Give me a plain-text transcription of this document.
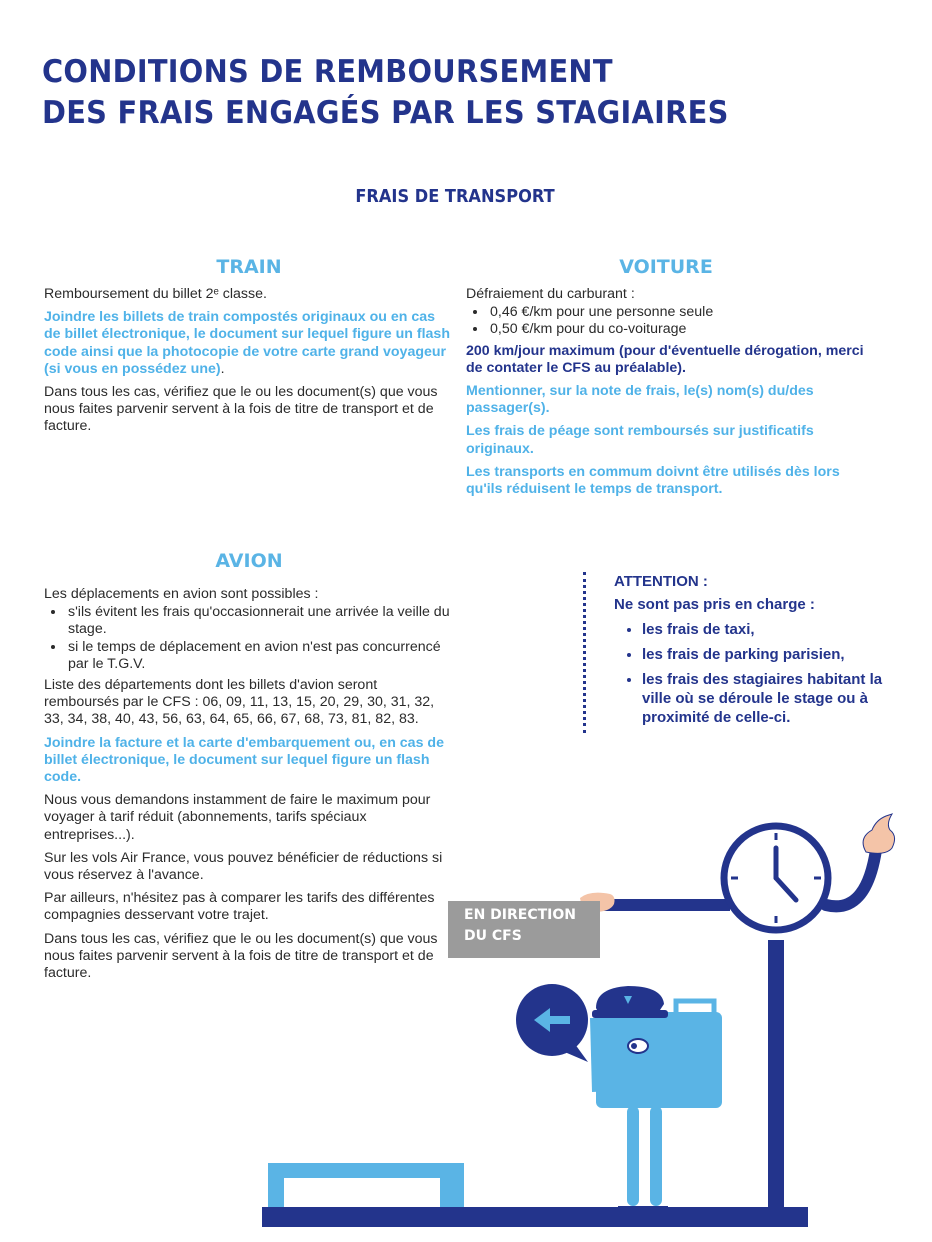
CONDITIONS DE REMBOURSEMENT
DES FRAIS ENGAGÉS PAR LES STAGIAIRES
FRAIS DE TRANSPORT
TRAIN

Remboursement du billet 2ᵉ classe.

Joindre les billets de train compostés originaux ou en cas de billet électronique, le document sur lequel figure un flash code ainsi que la photocopie de votre carte grand voyageur (si vous en possédez une).

Dans tous les cas, vérifiez que le ou les document(s) que vous nous faites parvenir servent à la fois de titre de transport et de facture.

VOITURE

Défraiement du carburant :

• 0,46 €/km pour une personne seule
• 0,50 €/km pour du co-voiturage

200 km/jour maximum (pour d'éventuelle dérogation, merci de contater le CFS au préalable).

Mentionner, sur la note de frais, le(s) nom(s) du/des passager(s).

Les frais de péage sont remboursés sur justificatifs originaux.

Les transports en commum doivnt être utilisés dès lors qu'ils réduisent le temps de transport.

AVION

Les déplacements en avion sont possibles :

• s'ils évitent les frais qu'occasionnerait une arrivée la veille du stage.
• si le temps de déplacement en avion n'est pas concurrencé par le T.G.V.

Liste des départements dont les billets d'avion seront remboursés par le CFS : 06, 09, 11, 13, 15, 20, 29, 30, 31, 32, 33, 34, 38, 40, 43, 56, 63, 64, 65, 66, 67, 68, 73, 81, 82, 83.

Joindre la facture et la carte d'embarquement ou, en cas de billet électronique, le document sur lequel figure un flash code.

Nous vous demandons instamment de faire le maximum pour voyager à tarif réduit (abonnements, tarifs spéciaux entreprises...).

Sur les vols Air France, vous pouvez bénéficier de réductions si vous réservez à l'avance.

Par ailleurs, n'hésitez pas à comparer les tarifs des différentes compagnies desservant votre trajet.

Dans tous les cas, vérifiez que le ou les document(s) que vous nous faites parvenir servent à la fois de titre de transport et de facture.

ATTENTION :

Ne sont pas pris en charge :

• les frais de taxi,
• les frais de parking parisien,
• les frais des stagiaires habitant la ville où se déroule le stage ou à proximité de celle-ci.
EN DIRECTION
DU CFS
